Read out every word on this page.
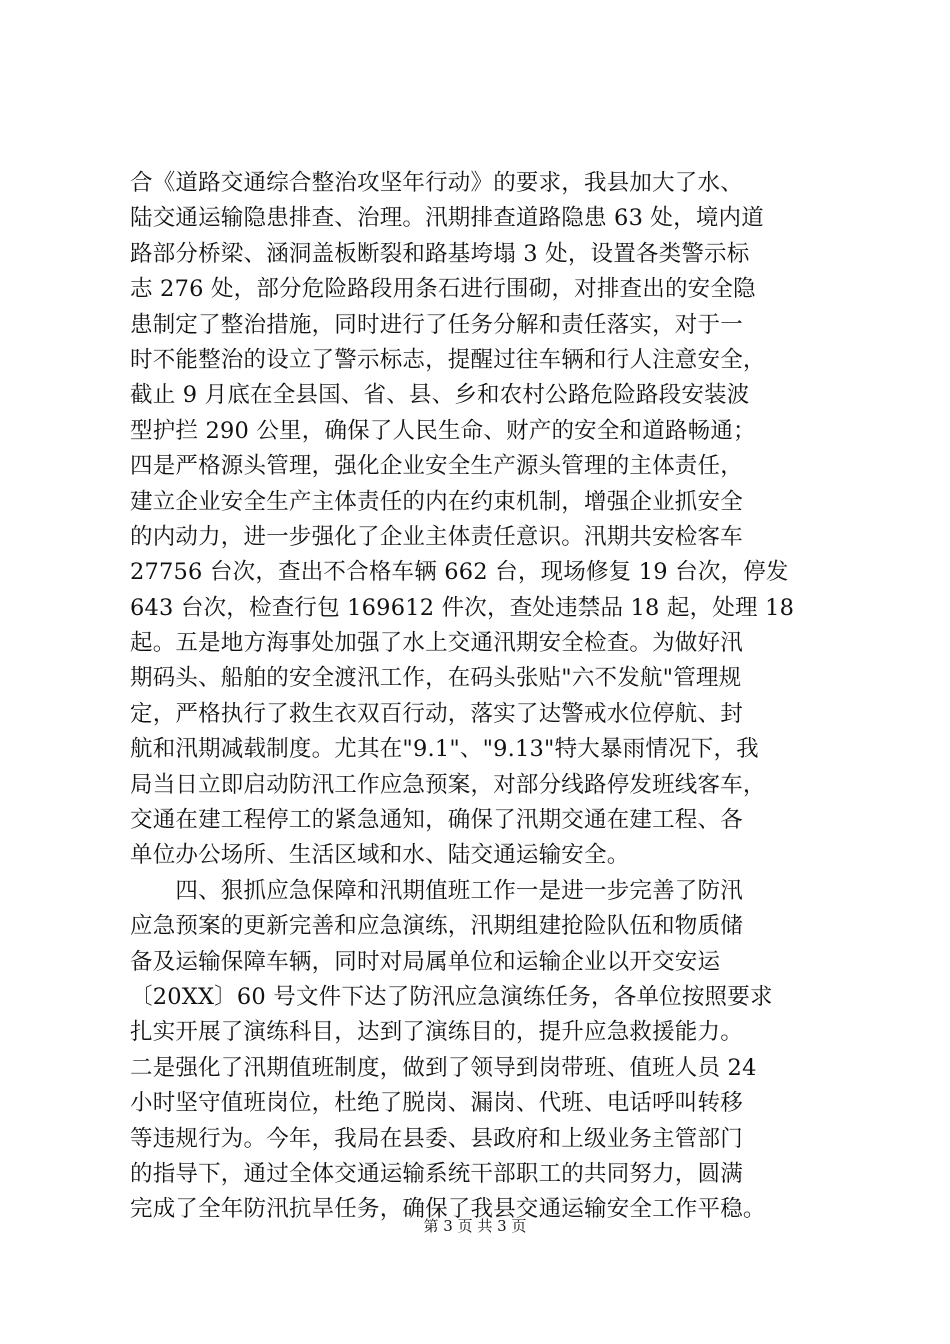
合《道路交通综合整治攻坚年行动》的要求，我县加大了水、
陆交通运输隐患排查、治理。汛期排查道路隐患 63 处，境内道
路部分桥梁、涵洞盖板断裂和路基垮塌 3 处，设置各类警示标
志 276 处，部分危险路段用条石进行围砌，对排查出的安全隐
患制定了整治措施，同时进行了任务分解和责任落实，对于一
时不能整治的设立了警示标志，提醒过往车辆和行人注意安全，
截止 9 月底在全县国、省、县、乡和农村公路危险路段安装波
型护拦 290 公里，确保了人民生命、财产的安全和道路畅通；
四是严格源头管理，强化企业安全生产源头管理的主体责任，
建立企业安全生产主体责任的内在约束机制，增强企业抓安全
的内动力，进一步强化了企业主体责任意识。汛期共安检客车
27756 台次，查出不合格车辆 662 台，现场修复 19 台次，停发
643 台次，检查行包 169612 件次，查处违禁品 18 起，处理 18
起。五是地方海事处加强了水上交通汛期安全检查。为做好汛
期码头、船舶的安全渡汛工作，在码头张贴"六不发航"管理规
定，严格执行了救生衣双百行动，落实了达警戒水位停航、封
航和汛期减载制度。尤其在"9.1"、"9.13"特大暴雨情况下，我
局当日立即启动防汛工作应急预案，对部分线路停发班线客车，
交通在建工程停工的紧急通知，确保了汛期交通在建工程、各
单位办公场所、生活区域和水、陆交通运输安全。
　　四、狠抓应急保障和汛期值班工作一是进一步完善了防汛
应急预案的更新完善和应急演练，汛期组建抢险队伍和物质储
备及运输保障车辆，同时对局属单位和运输企业以开交安运
〔20XX〕60 号文件下达了防汛应急演练任务，各单位按照要求
扎实开展了演练科目，达到了演练目的，提升应急救援能力。
二是强化了汛期值班制度，做到了领导到岗带班、值班人员 24
小时坚守值班岗位，杜绝了脱岗、漏岗、代班、电话呼叫转移
等违规行为。今年，我局在县委、县政府和上级业务主管部门
的指导下，通过全体交通运输系统干部职工的共同努力，圆满
完成了全年防汛抗旱任务，确保了我县交通运输安全工作平稳。
第 3 页 共 3 页
